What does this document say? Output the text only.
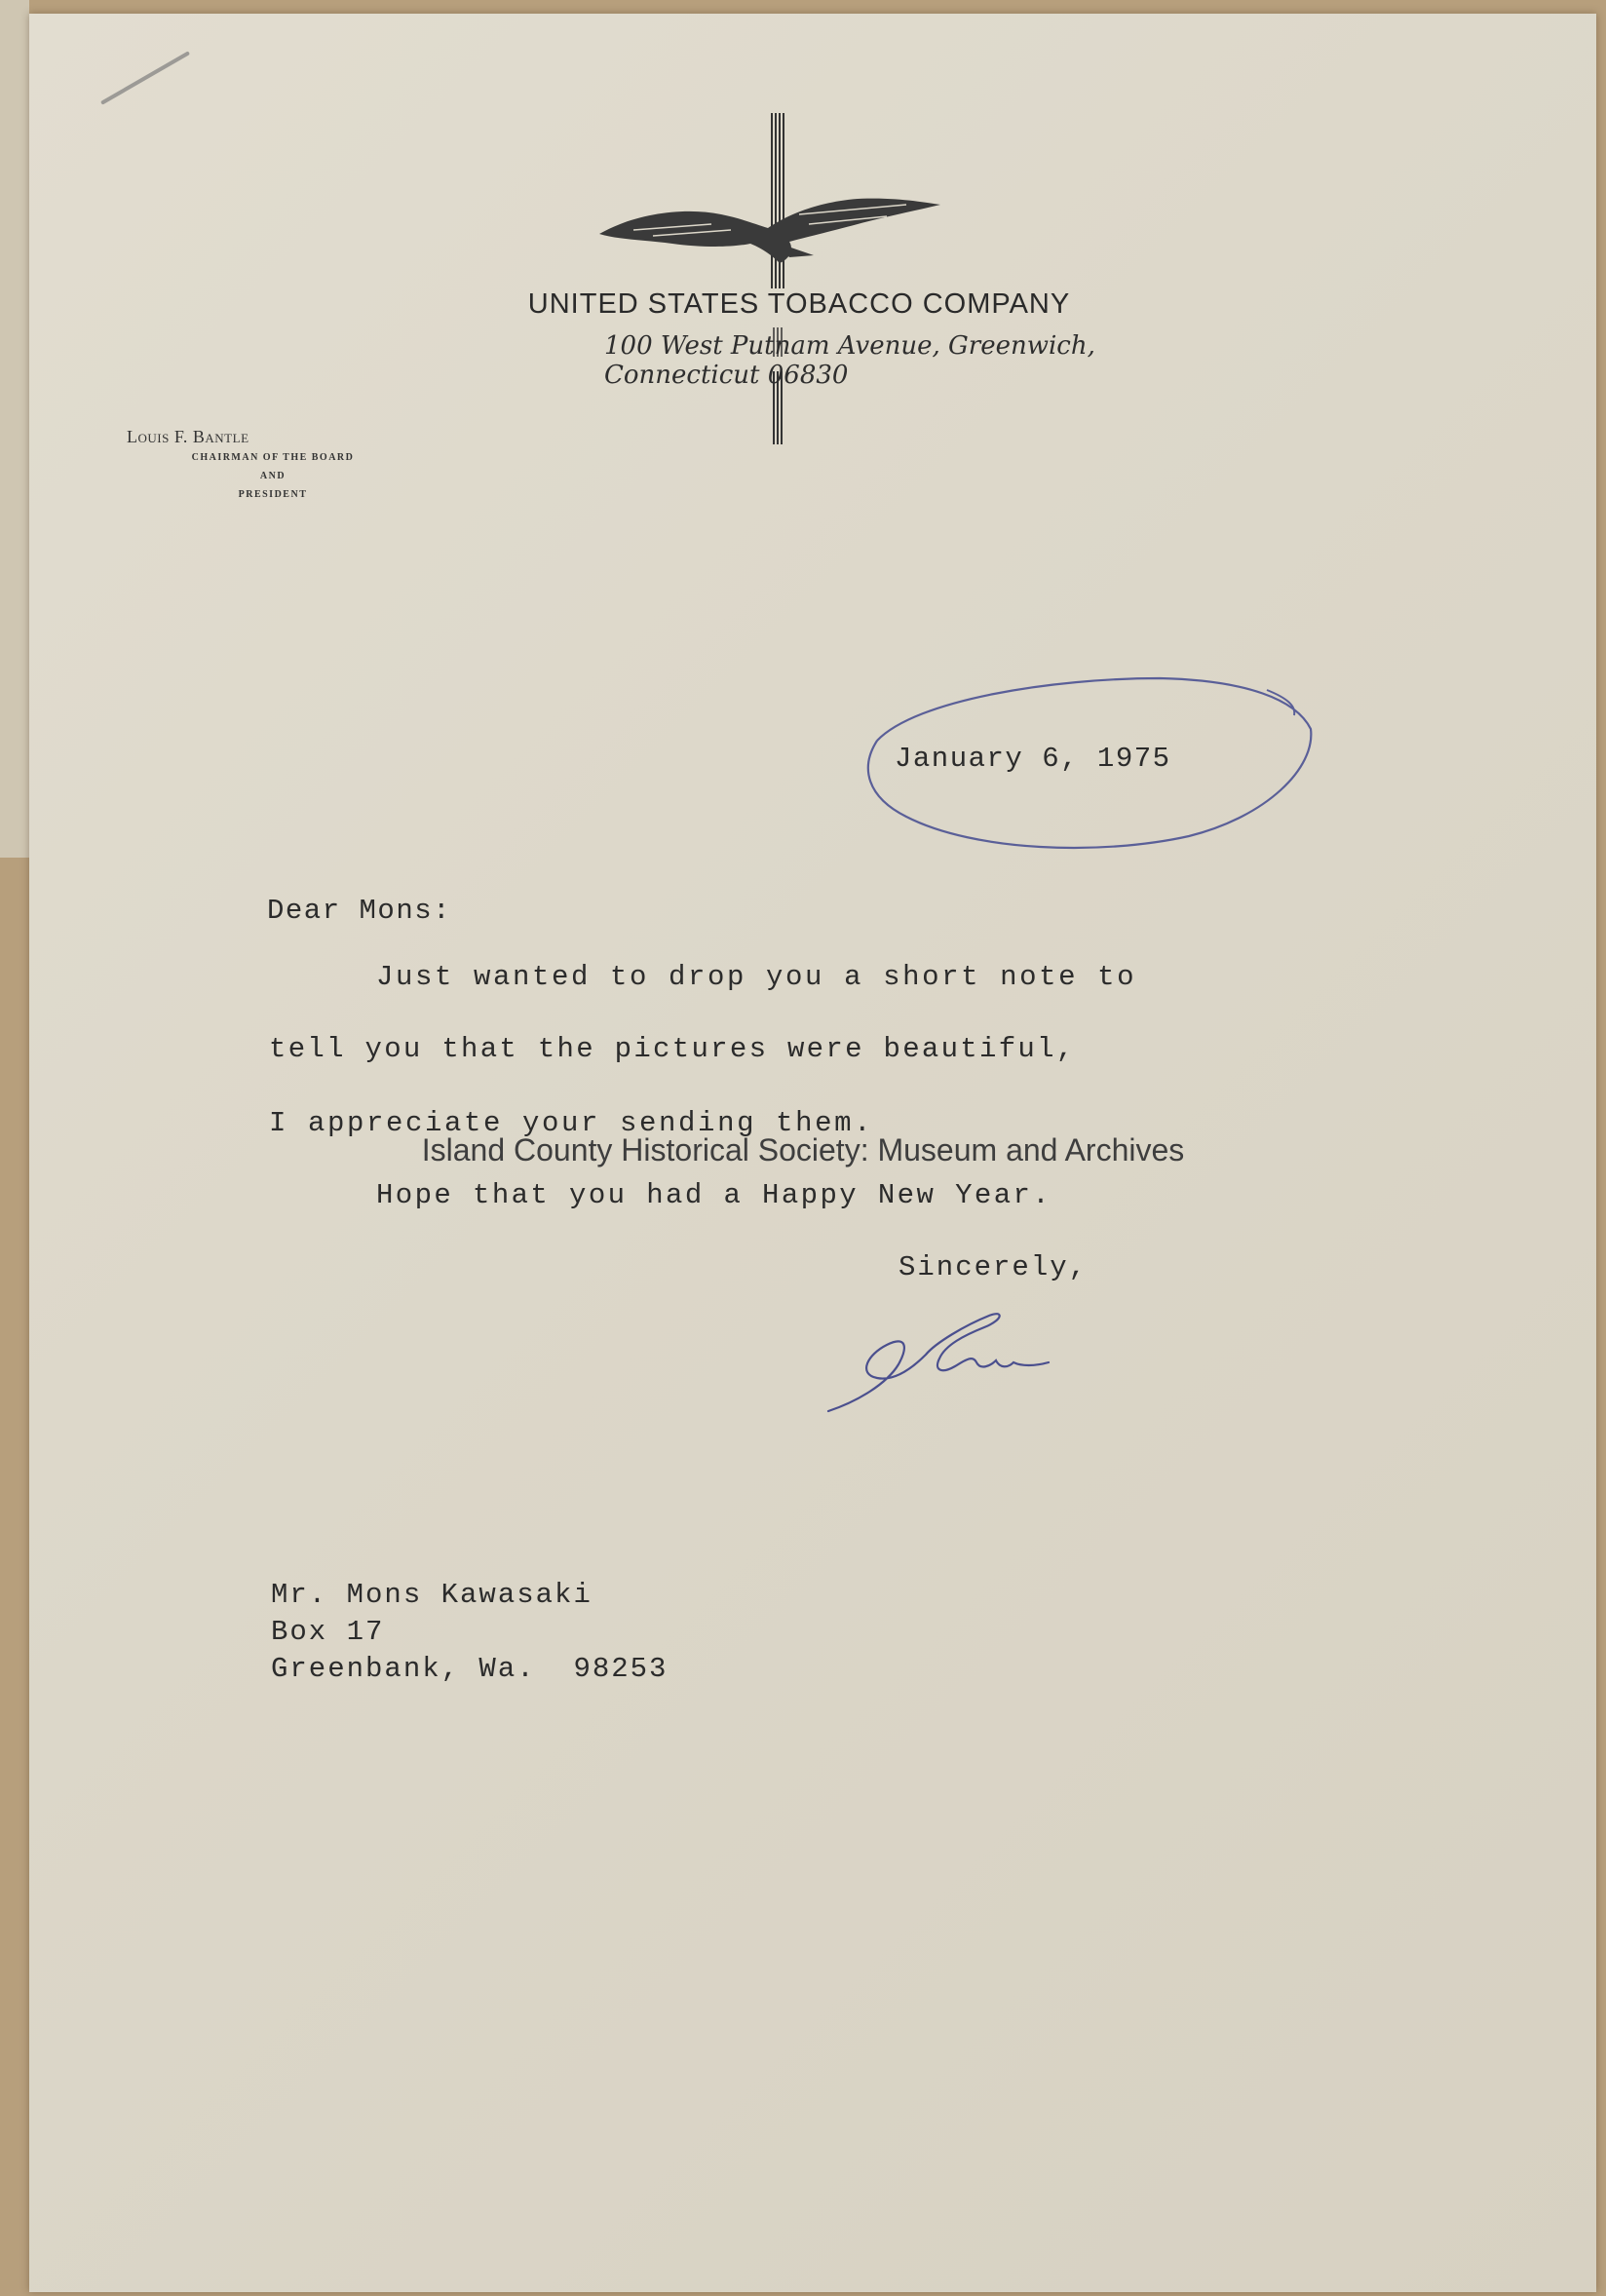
UNITED STATES TOBACCO COMPANY
100 West Putnam Avenue, Greenwich, Connecticut 06830
Louis F. Bantle
CHAIRMAN OF THE BOARD
AND
PRESIDENT
January 6, 1975
Dear Mons:
Just wanted to drop you a short note to
tell you that the pictures were beautiful,
I appreciate your sending them.
Hope that you had a Happy New Year.
Sincerely,
Island County Historical Society: Museum and Archives
Mr. Mons Kawasaki
Box 17
Greenbank, Wa.  98253
